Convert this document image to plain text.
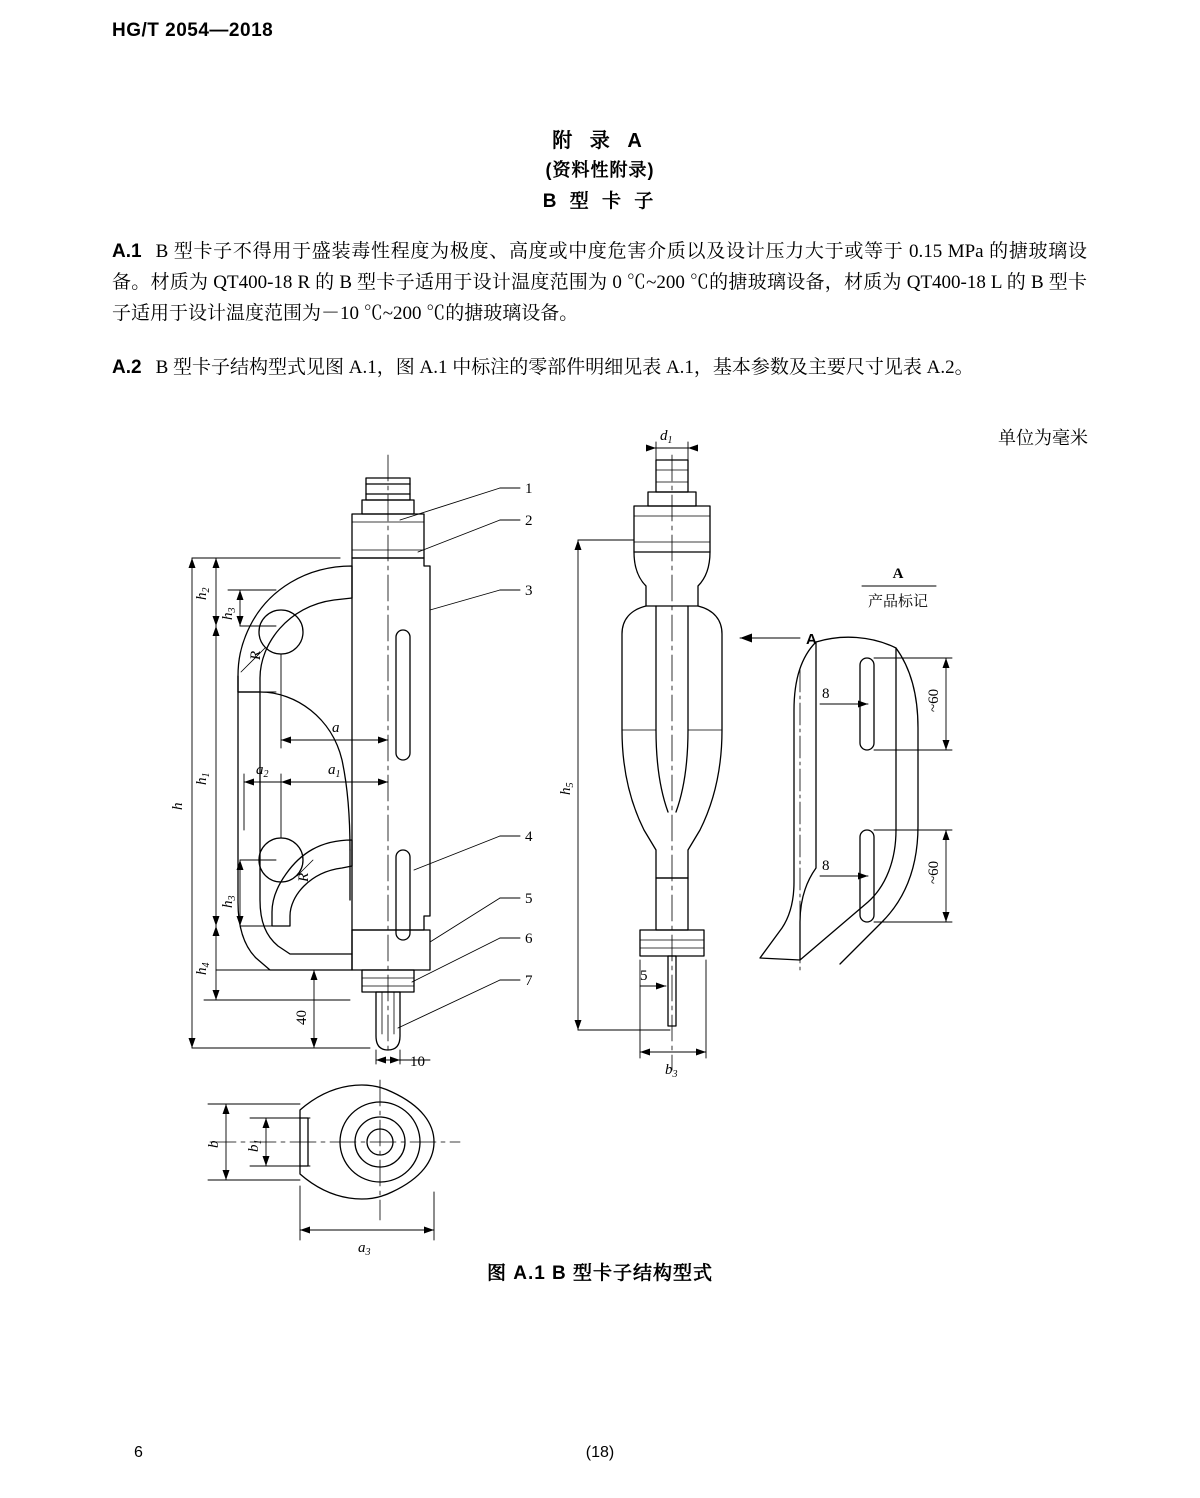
HG/T 2054—2018
附 录 A
(资料性附录)
B 型 卡 子
A.1 B 型卡子不得用于盛装毒性程度为极度、高度或中度危害介质以及设计压力大于或等于 0.15 MPa 的搪玻璃设备。材质为 QT400-18 R 的 B 型卡子适用于设计温度范围为 0 ℃~200 ℃的搪玻璃设备，材质为 QT400-18 L 的 B 型卡子适用于设计温度范围为－10 ℃~200 ℃的搪玻璃设备。
A.2 B 型卡子结构型式见图 A.1，图 A.1 中标注的零部件明细见表 A.1，基本参数及主要尺寸见表 A.2。
单位为毫米
1
2
3
4
5
6
7
h
$h_1$
$h_2$
$h_3$
$h_4$
$h_3$
a
$a_1$
$a_2$
R
R
40
10
$d_1$
$h_5$
$b_3$
5
A
A
产品标记
8	~60
8	~60
b
$b_1$
$a_3$
图 A.1 B 型卡子结构型式
6	(18)
